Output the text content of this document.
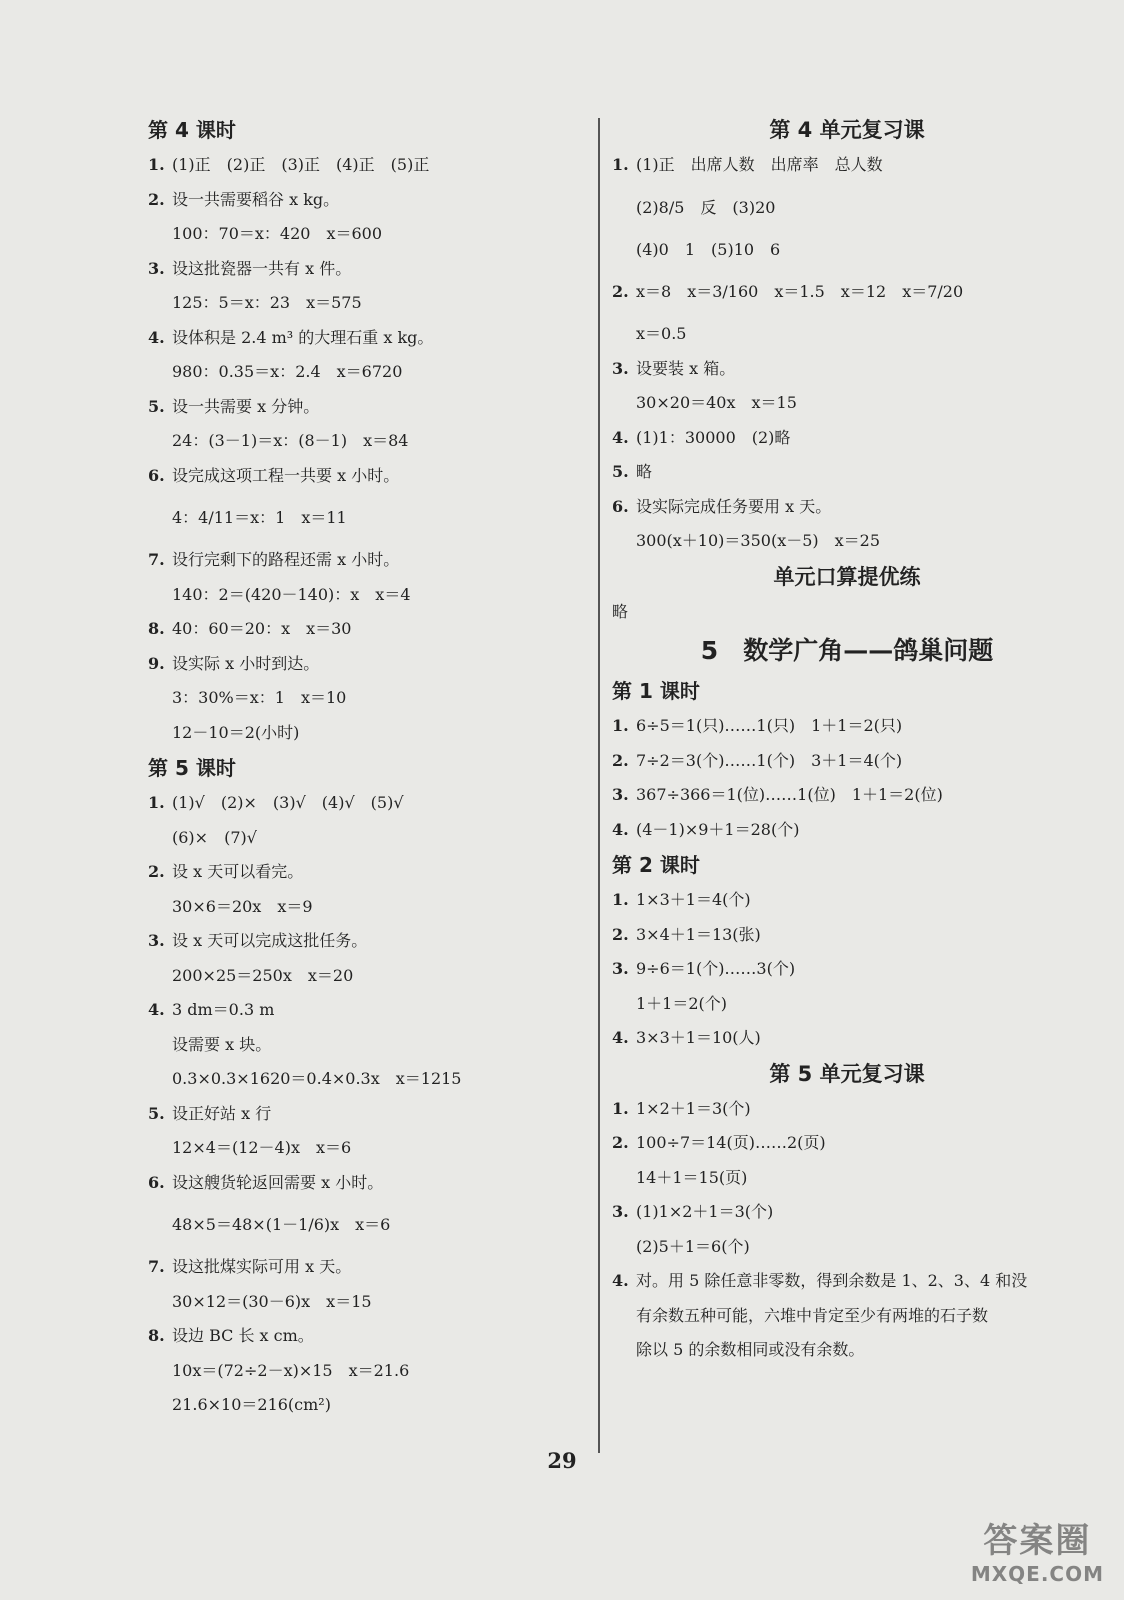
第 4 课时
1. (1)正　(2)正　(3)正　(4)正　(5)正
2. 设一共需要稻谷 x kg。
100：70＝x：420　x＝600
3. 设这批瓷器一共有 x 件。
125：5＝x：23　x＝575
4. 设体积是 2.4 m³ 的大理石重 x kg。
980：0.35＝x：2.4　x＝6720
5. 设一共需要 x 分钟。
24：(3－1)＝x：(8－1)　x＝84
6. 设完成这项工程一共要 x 小时。
4：4/11＝x：1　x＝11
7. 设行完剩下的路程还需 x 小时。
140：2＝(420－140)：x　x＝4
8. 40：60＝20：x　x＝30
9. 设实际 x 小时到达。
3：30%＝x：1　x＝10
12－10＝2(小时)
第 5 课时
1. (1)√　(2)×　(3)√　(4)√　(5)√
(6)×　(7)√
2. 设 x 天可以看完。
30×6＝20x　x＝9
3. 设 x 天可以完成这批任务。
200×25＝250x　x＝20
4. 3 dm＝0.3 m
设需要 x 块。
0.3×0.3×1620＝0.4×0.3x　x＝1215
5. 设正好站 x 行
12×4＝(12－4)x　x＝6
6. 设这艘货轮返回需要 x 小时。
48×5＝48×(1－1/6)x　x＝6
7. 设这批煤实际可用 x 天。
30×12＝(30－6)x　x＝15
8. 设边 BC 长 x cm。
10x＝(72÷2－x)×15　x＝21.6
21.6×10＝216(cm²)
第 4 单元复习课
1. (1)正　出席人数　出席率　总人数
(2)8/5　反　(3)20
(4)0　1　(5)10　6
2. x＝8　x＝3/160　x＝1.5　x＝12　x＝7/20
x＝0.5
3. 设要装 x 箱。
30×20＝40x　x＝15
4. (1)1：30000　(2)略
5. 略
6. 设实际完成任务要用 x 天。
300(x＋10)＝350(x－5)　x＝25
单元口算提优练
略
5　数学广角——鸽巢问题
第 1 课时
1. 6÷5＝1(只)……1(只)　1＋1＝2(只)
2. 7÷2＝3(个)……1(个)　3＋1＝4(个)
3. 367÷366＝1(位)……1(位)　1＋1＝2(位)
4. (4－1)×9＋1＝28(个)
第 2 课时
1. 1×3＋1＝4(个)
2. 3×4＋1＝13(张)
3. 9÷6＝1(个)……3(个)
1＋1＝2(个)
4. 3×3＋1＝10(人)
第 5 单元复习课
1. 1×2＋1＝3(个)
2. 100÷7＝14(页)……2(页)
14＋1＝15(页)
3. (1)1×2＋1＝3(个)
(2)5＋1＝6(个)
4. 对。用 5 除任意非零数，得到余数是 1、2、3、4 和没
有余数五种可能，六堆中肯定至少有两堆的石子数
除以 5 的余数相同或没有余数。
29
答案圈
MXQE.COM
